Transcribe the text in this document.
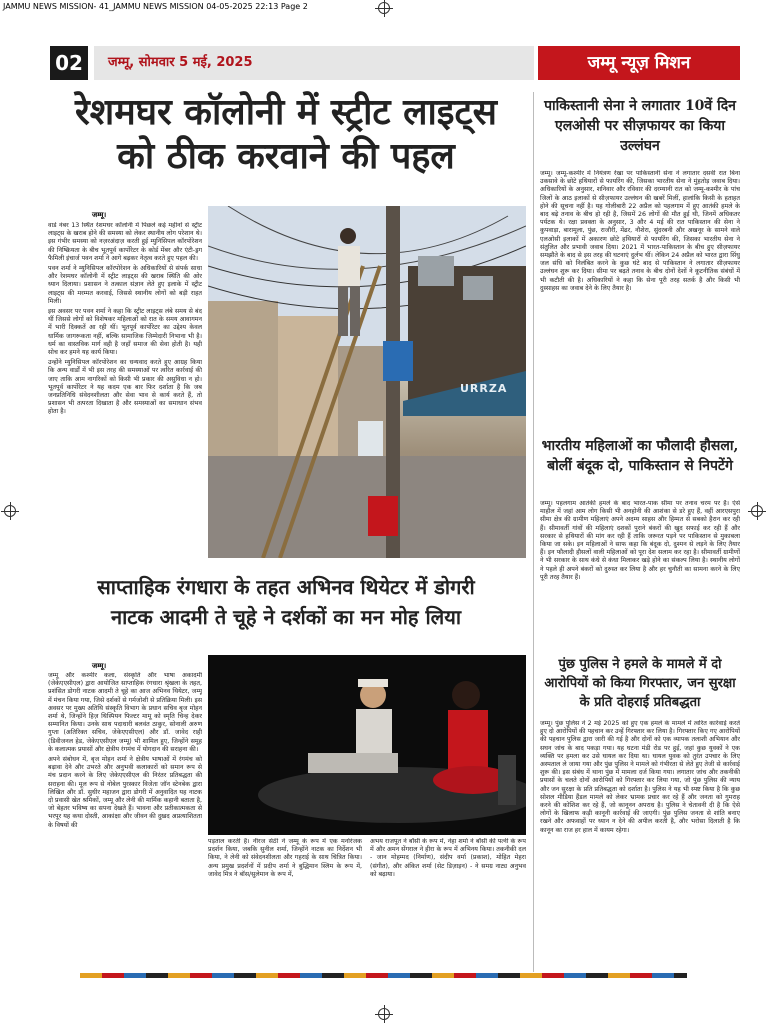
JAMMU NEWS MISSION- 41_JAMMU NEWS MISSION 04-05-2025 22:13 Page 2
02	जम्मू, सोमवार 5 मई, 2025	जम्मू न्यूज़ मिशन
रेशमघर कॉलोनी में स्ट्रीट लाइट्स
को ठीक करवाने की पहल
जम्मू।

वार्ड नंबर 13 स्थित रेशमघर कॉलोनी में पिछले कई महीनों से स्ट्रीट लाइट्स के खराब होने की समस्या को लेकर स्थानीय लोग परेशान थे। इस गंभीर समस्या को नज़रअंदाज़ करती हुई म्युनिसिपल कॉरपोरेशन की निष्क्रियता के बीच भूतपूर्व कार्पोरेटर के कोर्ड मेंबर और एंटी-ड्रग फैमिली इंचार्ज पवन शर्मा ने आगे बढ़कर नेतृत्व करते हुए पहल की।

पवन शर्मा ने म्युनिसिपल कॉरपोरेशन के अधिकारियों से संपर्क साधा और रेशमघर कॉलोनी में स्ट्रीट लाइट्स की खराब स्थिति की ओर ध्यान दिलाया। प्रशासन ने तत्काल संज्ञान लेते हुए इलाके में स्ट्रीट लाइट्स की मरम्मत करवाई, जिससे स्थानीय लोगों को बड़ी राहत मिली।

इस अवसर पर पवन शर्मा ने कहा कि स्ट्रीट लाइट्स लंबे समय से बंद थीं जिससे लोगों को विशेषकर महिलाओं को रात के समय आवागमन में भारी दिक्कतें आ रही थीं। भूतपूर्व कार्पोरेटर का उद्देश्य केवल धार्मिक जागरूकता नहीं, बल्कि सामाजिक जिम्मेदारी निभाना भी है। धर्म का वास्तविक मार्ग वही है जहाँ समाज की सेवा होती है। यही सोच कर हमने यह कार्य किया।

उन्होंने म्युनिसिपल कॉरपोरेशन का धन्यवाद करते हुए आग्रह किया कि अन्य वार्डों में भी इस तरह की समस्याओं पर त्वरित कार्रवाई की जाए ताकि आम नागरिकों को किसी भी प्रकार की असुविधा न हो। भूतपूर्व कार्पोरेटर ने यह कदम एक बार फिर दर्शाता है कि जब जनप्रतिनिधि संवेदनशीलता और सेवा भाव से कार्य करते हैं, तो प्रशासन भी तत्परता दिखाता है और समस्याओं का समाधान संभव होता है।

URRZA
साप्ताहिक रंगधारा के तहत अभिनव थियेटर में डोगरी
नाटक आदमी ते चूहे ने दर्शकों का मन मोह लिया
जम्मू।

जम्मू और कश्मीर कला, संस्कृति और भाषा अकादमी (जेकेएएसीएल) द्वारा आयोजित साप्ताहिक रंगधारा श्रृंखला के तहत, प्रशंसित डोगरी नाटक आदमी ते चूहे का आज अभिनव थियेटर, जम्मू में मंचन किया गया, जिसे दर्शकों से गर्मजोशी से प्रतिक्रिया मिली। इस अवसर पर मुख्य अतिथि संस्कृति विभाग के प्रधान सचिव बृज मोहन शर्मा थे, जिन्होंने हिज़ थिस्पियन फिल्टर मामू को स्मृति चिन्ह देकर सम्मानित किया। उनके साथ पदाधारी बलवंत ठाकुर, सोनाली अरुण गुप्ता (अतिरिक्त सचिव, जेकेएएसीएल) और डॉ. जावेद राही (डिवीजनल हेड, जेकेएएसीएल जम्मू) भी शामिल हुए, जिन्होंने समूह के कलात्मक प्रयासों और क्षेत्रीय रंगमंच में योगदान की सराहना की।

अपने संबोधन में, बृज मोहन शर्मा ने क्षेत्रीय भाषाओं में रंगमंच को बढ़ावा देने और उभरते और अनुभवी कलाकारों को समान रूप से मंच प्रदान करने के लिए जेकेएएसीएल की निरंतर प्रतिबद्धता की सराहना की। मूल रूप से नोबेल पुरस्कार विजेता जॉन स्टेनबेक द्वारा लिखित और डॉ. सुधीर महाजन द्वारा डोगरी में अनुवादित यह नाटक दो प्रवासी खेत श्रमिकों, जम्मू और लेनी की मार्मिक कहानी बताता है, जो बेहतर भविष्य का सपना देखते हैं। भावना और प्रतीकात्मकता से भरपूर यह कथा दोस्ती, आकांक्षा और जीवन की दुखद अप्रत्याशितता के विषयों की

पड़ताल करती है। नीरज सेठी ने जम्मू के रूप में एक मनोरंजक प्रदर्शन किया, जबकि सुनील शर्मा, जिन्होंने नाटक का निर्देशन भी किया, ने लेनी को संवेदनशीलता और गहराई के साथ चित्रित किया। अन्य प्रमुख प्रदर्शनों में प्रदीप शर्मा ने बुद्धिमान स्लिम के रूप में, जावेद मित्र ने बॉस/सुलेमान के रूप में,

अभय राजपूत ने बॉसी के रूप में, नेहा शर्मा ने बॉसी की पत्नी के रूप में और अमन सेंगराल ने हीरा के रूप में अभिनय किया। तकनीकी दल - जान मोहम्मद (निर्माण), संदीप वर्मा (प्रकाश), मोहित मेहरा (संगीत), और अंकित शर्मा (सेट डिज़ाइन) - ने समग्र नाट्य अनुभव को बढ़ाया।

पाकिस्तानी सेना ने लगातार 10वें दिन एलओसी पर सीज़फायर का किया उल्लंघन
जम्मू। जम्मू-कश्मीर में नियंत्रण रेखा पर पाकिस्तानी सेना ने लगातार दसवीं रात बिना उकसावे के छोटे हथियारों से फायरिंग की, जिसका भारतीय सेना ने मुंहतोड़ जवाब दिया। अधिकारियों के अनुसार, शनिवार और रविवार की दरम्यानी रात को जम्मू-कश्मीर के पांच जिलों के आठ इलाकों से सीज़फायर उल्लंघन की खबरें मिलीं, हालांकि किसी के हताहत होने की सूचना नहीं है। यह गोलीबारी 22 अप्रैल को पहलगाम में हुए आतंकी हमले के बाद बढ़े तनाव के बीच हो रही है, जिसमें 26 लोगों की मौत हुई थी, जिनमें अधिकतर पर्यटक थे। रक्षा प्रवक्ता के अनुसार, 3 और 4 मई की रात पाकिस्तान की सेना ने कुपवाड़ा, बारामूला, पुंछ, राजौरी, मेंढर, नौशेरा, सुंदरबनी और अखनूर के सामने वाले एलओसी इलाकों में अकारण छोटे हथियारों से फायरिंग की, जिसका भारतीय सेना ने संतुलित और प्रभावी जवाब दिया। 2021 में भारत-पाकिस्तान के बीच हुए सीज़फायर समझौते के बाद से इस तरह की घटनाएं दुर्लभ थीं। लेकिन 24 अप्रैल को भारत द्वारा सिंधु जल संधि को निलंबित करने के कुछ घंटे बाद से पाकिस्तान ने लगातार सीज़फायर उल्लंघन शुरू कर दिया। सीमा पर बढ़ते तनाव के बीच दोनों देशों ने कूटनीतिक संबंधों में भी कटौती की है। अधिकारियों ने कहा कि सेना पूरी तरह सतर्क है और किसी भी दुस्साहस का जवाब देने के लिए तैयार है।
भारतीय महिलाओं का फौलादी हौसला, बोलीं बंदूक दो, पाकिस्तान से निपटेंगे
जम्मू। पहलगाम आतंकी हमले के बाद भारत-पाक सीमा पर तनाव चरम पर है। ऐसे माहौल में जहां आम लोग किसी भी अनहोनी की आशंका से डरे हुए हैं, वहीं आरएसपुरा सीमा क्षेत्र की ग्रामीण महिलाएं अपने अदम्य साहस और हिम्मत से सबको हैरान कर रही हैं। सीमावर्ती गांवों की महिलाएं दशकों पुराने बंकरों की खुद सफाई कर रही हैं और सरकार से हथियारों की मांग कर रही हैं ताकि जरूरत पड़ने पर पाकिस्तान से मुकाबला किया जा सके। इन महिलाओं ने साफ कहा कि बंदूक दो, दुश्मन से लड़ने के लिए तैयार हैं। इन फौलादी हौसलों वाली महिलाओं को पूरा देश सलाम कर रहा है। सीमावर्ती ग्रामीणों ने भी सरकार के साथ कंधे से कंधा मिलाकर खड़े होने का संकल्प लिया है। स्थानीय लोगों ने पहले ही अपने बंकरों को दुरुस्त कर लिया है और हर चुनौती का सामना करने के लिए पूरी तरह तैयार हैं।
पुंछ पुलिस ने हमले के मामले में दो आरोपियों को किया गिरफ्तार, जन सुरक्षा के प्रति दोहराई प्रतिबद्धता
जम्मू। पुंछ पुलिस ने 2 मई 2025 को हुए एक हमले के मामले में त्वरित कार्रवाई करते हुए दो आरोपियों की पहचान कर उन्हें गिरफ्तार कर लिया है। गिरफ्तार किए गए आरोपियों की पहचान पुलिस द्वारा जारी की गई है और दोनों को एक व्यापक तलाशी अभियान और सघन जांच के बाद पकड़ा गया। यह घटना मंडी रोड पर हुई, जहां कुछ युवकों ने एक व्यक्ति पर हमला कर उसे घायल कर दिया था। घायल युवक को तुरंत उपचार के लिए अस्पताल ले जाया गया और पुंछ पुलिस ने मामले को गंभीरता से लेते हुए तेजी से कार्रवाई शुरू की। इस संबंध में थाना पुंछ में मामला दर्ज किया गया। लगातार जांच और तकनीकी प्रयासों के चलते दोनों आरोपियों को गिरफ्तार कर लिया गया, जो पुंछ पुलिस की न्याय और जन सुरक्षा के प्रति प्रतिबद्धता को दर्शाता है। पुलिस ने यह भी स्पष्ट किया है कि कुछ सोशल मीडिया हैंडल मामले को लेकर भ्रामक प्रचार कर रहे हैं और जनता को गुमराह करने की कोशिश कर रहे हैं, जो कानूनन अपराध है। पुलिस ने चेतावनी दी है कि ऐसे लोगों के खिलाफ कड़ी कानूनी कार्रवाई की जाएगी। पुंछ पुलिस जनता से शांति बनाए रखने और अफवाहों पर ध्यान न देने की अपील करती है, और भरोसा दिलाती है कि कानून का राज हर हाल में कायम रहेगा।
